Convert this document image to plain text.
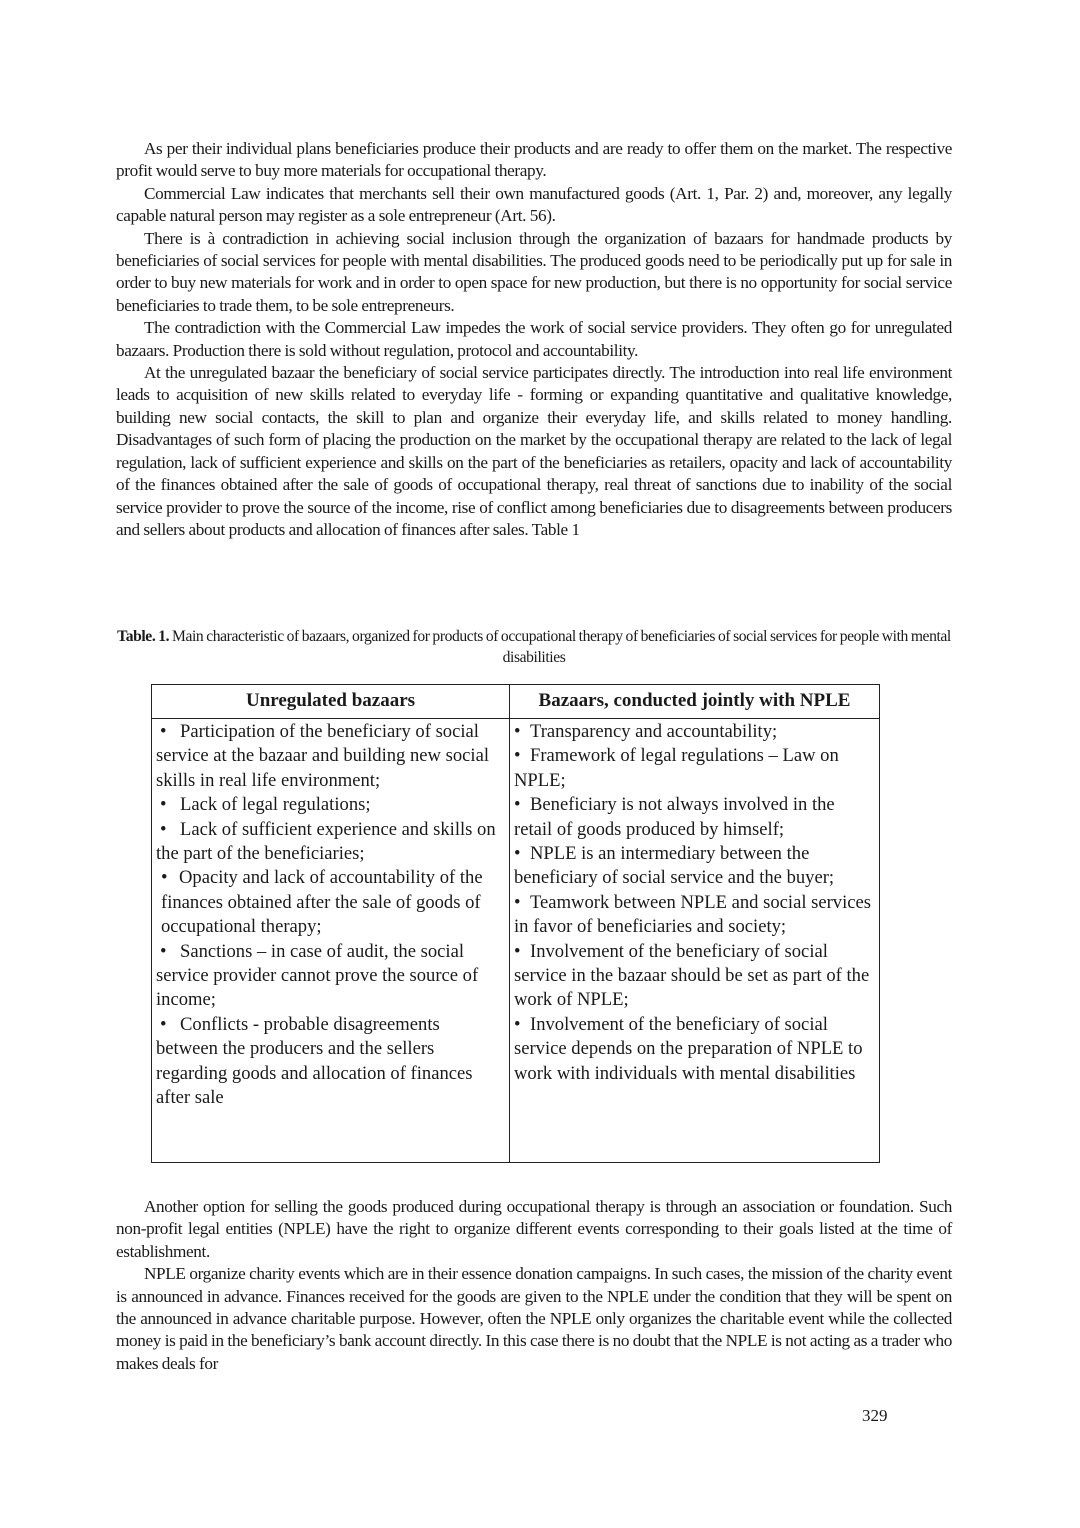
As per their individual plans beneficiaries produce their products and are ready to offer them on the market. The respective profit would serve to buy more materials for occupational therapy.

Commercial Law indicates that merchants sell their own manufactured goods (Art. 1, Par. 2) and, moreover, any legally capable natural person may register as a sole entrepreneur (Art. 56).

There is à contradiction in achieving social inclusion through the organization of bazaars for handmade products by beneficiaries of social services for people with mental disabilities. The produced goods need to be periodically put up for sale in order to buy new materials for work and in order to open space for new production, but there is no opportunity for social service beneficiaries to trade them, to be sole entrepreneurs.

The contradiction with the Commercial Law impedes the work of social service providers. They often go for unregulated bazaars. Production there is sold without regulation, protocol and accountability.

At the unregulated bazaar the beneficiary of social service participates directly. The introduction into real life environment leads to acquisition of new skills related to everyday life - forming or expanding quantitative and qualitative knowledge, building new social contacts, the skill to plan and organize their everyday life, and skills related to money handling. Disadvantages of such form of placing the production on the market by the occupational therapy are related to the lack of legal regulation, lack of sufficient experience and skills on the part of the beneficiaries as retailers, opacity and lack of accountability of the finances obtained after the sale of goods of occupational therapy, real threat of sanctions due to inability of the social service provider to prove the source of the income, rise of conflict among beneficiaries due to disagreements between producers and sellers about products and allocation of finances after sales. Table 1

Table. 1. Main characteristic of bazaars, organized for products of occupational therapy of beneficiaries of social services for people with mental disabilities
Unregulated bazaars	Bazaars, conducted jointly with NPLE

• Participation of the beneficiary of social service at the bazaar and building new social skills in real life environment;
• Lack of legal regulations;
• Lack of sufficient experience and skills on the part of the beneficiaries;
• Opacity and lack of accountability of the finances obtained after the sale of goods of occupational therapy;
• Sanctions – in case of audit, the social service provider cannot prove the source of income;
• Conflicts - probable disagreements between the producers and the sellers regarding goods and allocation of finances after sale

• Transparency and accountability;
• Framework of legal regulations – Law on NPLE;
• Beneficiary is not always involved in the retail of goods produced by himself;
• NPLE is an intermediary between the beneficiary of social service and the buyer;
• Teamwork between NPLE and social services in favor of beneficiaries and society;
• Involvement of the beneficiary of social service in the bazaar should be set as part of the work of NPLE;
• Involvement of the beneficiary of social service depends on the preparation of NPLE to work with individuals with mental disabilities

Another option for selling the goods produced during occupational therapy is through an association or foundation. Such non-profit legal entities (NPLE) have the right to organize different events corresponding to their goals listed at the time of establishment.

NPLE organize charity events which are in their essence donation campaigns. In such cases, the mission of the charity event is announced in advance. Finances received for the goods are given to the NPLE under the condition that they will be spent on the announced in advance charitable purpose. However, often the NPLE only organizes the charitable event while the collected money is paid in the beneficiary’s bank account directly. In this case there is no doubt that the NPLE is not acting as a trader who makes deals for

329
